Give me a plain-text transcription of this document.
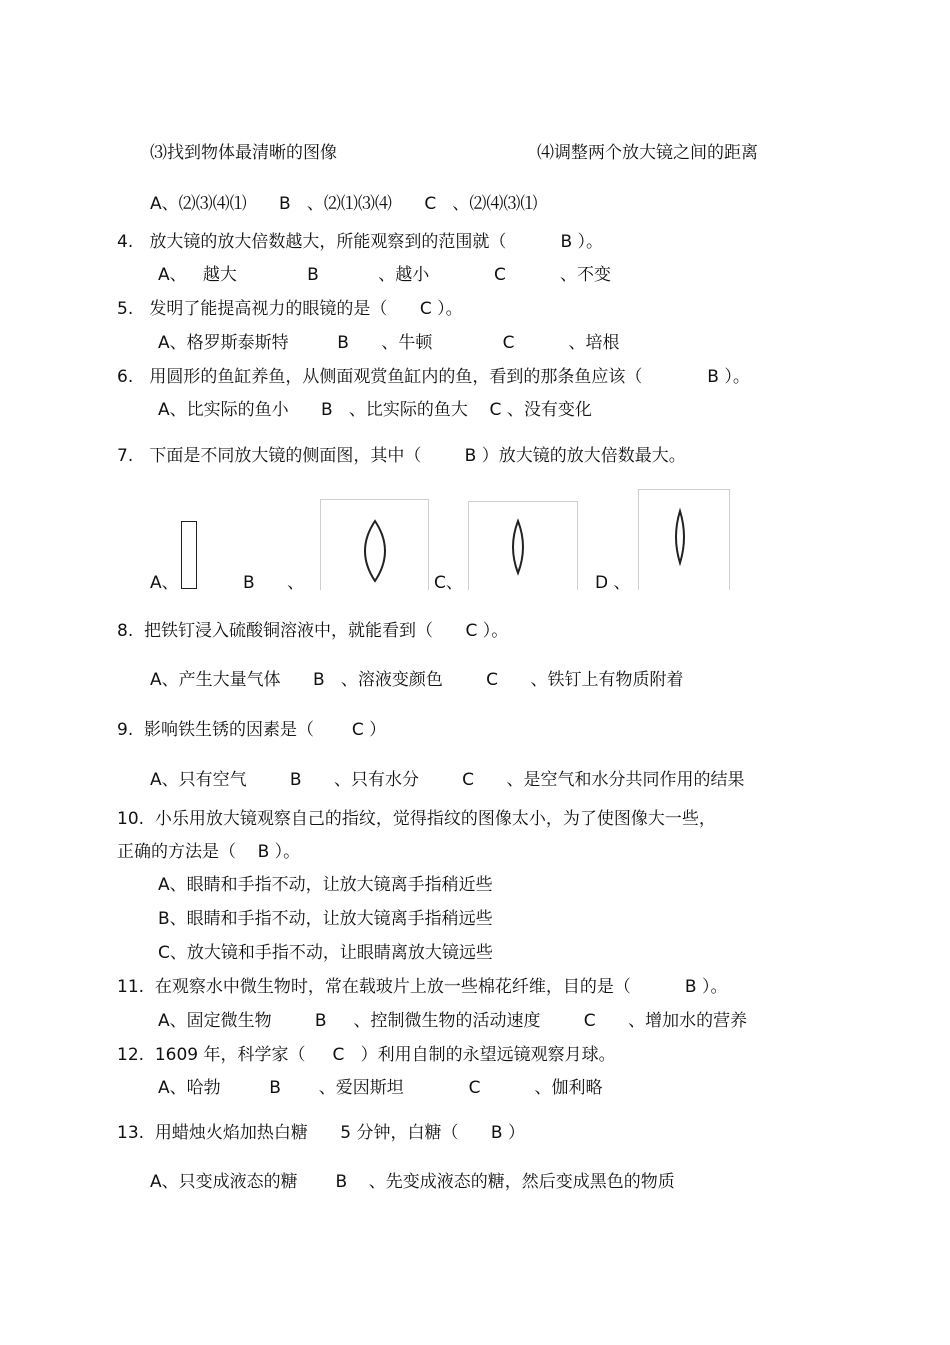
⑶找到物体最清晰的图像	⑷调整两个放大镜之间的距离
A、⑵⑶⑷⑴      B   、⑵⑴⑶⑷      C   、⑵⑷⑶⑴
4.   放大镜的放大倍数越大，所能观察到的范围就（          B ）。
A、   越大             B           、越小            C          、不变
5.   发明了能提高视力的眼镜的是（      C ）。
A、格罗斯泰斯特         B      、牛顿             C          、培根
6.   用圆形的鱼缸养鱼，从侧面观赏鱼缸内的鱼，看到的那条鱼应该（            B ）。
A、比实际的鱼小      B   、比实际的鱼大    C 、没有变化
7.   下面是不同放大镜的侧面图，其中（        B ）放大镜的放大倍数最大。
A、	B      、	C、	D 、
8.  把铁钉浸入硫酸铜溶液中，就能看到（      C ）。
A、产生大量气体      B   、溶液变颜色        C      、铁钉上有物质附着
9.  影响铁生锈的因素是（       C ）
A、只有空气        B      、只有水分        C      、是空气和水分共同作用的结果
10.  小乐用放大镜观察自己的指纹，觉得指纹的图像太小，为了使图像大一些，
正确的方法是（    B ）。
A、眼睛和手指不动，让放大镜离手指稍近些
B、眼睛和手指不动，让放大镜离手指稍远些
C、放大镜和手指不动，让眼睛离放大镜远些
11.  在观察水中微生物时，常在载玻片上放一些棉花纤维，目的是（          B ）。
A、固定微生物        B     、控制微生物的活动速度        C      、增加水的营养
12.  1609 年，科学家（     C   ）利用自制的永望远镜观察月球。
A、哈勃         B       、爱因斯坦            C          、伽利略
13.  用蜡烛火焰加热白糖      5 分钟，白糖（      B ）
A、只变成液态的糖       B    、先变成液态的糖，然后变成黑色的物质
